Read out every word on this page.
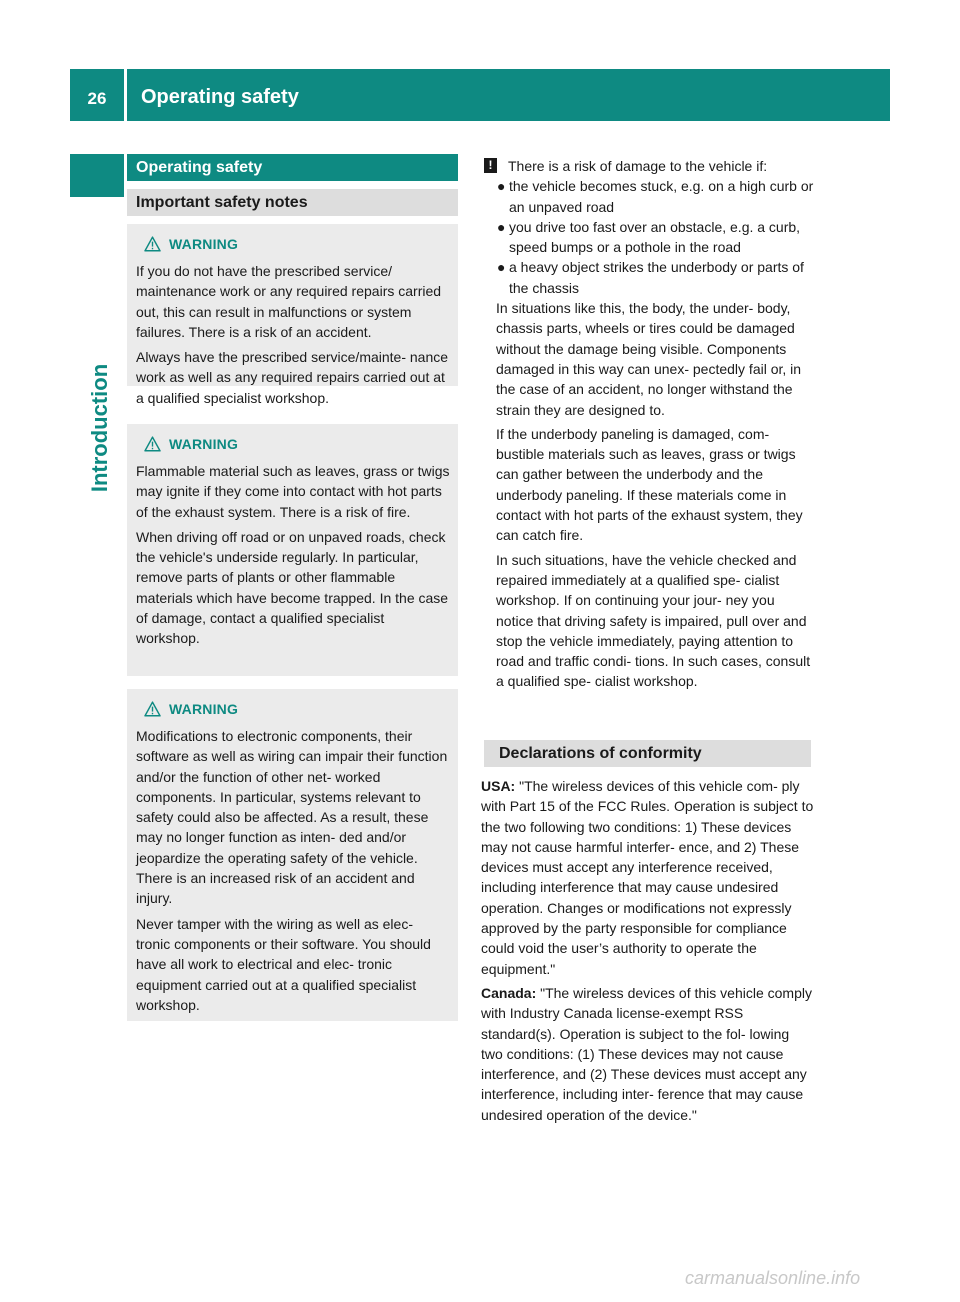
26	Operating safety
Introduction
Operating safety
Important safety notes
WARNING

If you do not have the prescribed service/ maintenance work or any required repairs carried out, this can result in malfunctions or system failures. There is a risk of an accident.

Always have the prescribed service/mainte- nance work as well as any required repairs carried out at a qualified specialist workshop.

WARNING

Flammable material such as leaves, grass or twigs may ignite if they come into contact with hot parts of the exhaust system. There is a risk of fire.

When driving off road or on unpaved roads, check the vehicle's underside regularly. In particular, remove parts of plants or other flammable materials which have become trapped. In the case of damage, contact a qualified specialist workshop.

WARNING

Modifications to electronic components, their software as well as wiring can impair their function and/or the function of other net- worked components. In particular, systems relevant to safety could also be affected. As a result, these may no longer function as inten- ded and/or jeopardize the operating safety of the vehicle. There is an increased risk of an accident and injury.

Never tamper with the wiring as well as elec- tronic components or their software. You should have all work to electrical and elec- tronic equipment carried out at a qualified specialist workshop.

!	There is a risk of damage to the vehicle if:
● the vehicle becomes stuck, e.g. on a high curb or an unpaved road
● you drive too fast over an obstacle, e.g. a curb, speed bumps or a pothole in the road
● a heavy object strikes the underbody or parts of the chassis

In situations like this, the body, the under- body, chassis parts, wheels or tires could be damaged without the damage being visible. Components damaged in this way can unex- pectedly fail or, in the case of an accident, no longer withstand the strain they are designed to.

If the underbody paneling is damaged, com- bustible materials such as leaves, grass or twigs can gather between the underbody and the underbody paneling. If these materials come in contact with hot parts of the exhaust system, they can catch fire.

In such situations, have the vehicle checked and repaired immediately at a qualified spe- cialist workshop. If on continuing your jour- ney you notice that driving safety is impaired, pull over and stop the vehicle immediately, paying attention to road and traffic condi- tions. In such cases, consult a qualified spe- cialist workshop.

Declarations of conformity

USA: "The wireless devices of this vehicle com- ply with Part 15 of the FCC Rules. Operation is subject to the two following two conditions: 1) These devices may not cause harmful interfer- ence, and 2) These devices must accept any interference received, including interference that may cause undesired operation. Changes or modifications not expressly approved by the party responsible for compliance could void the user’s authority to operate the equipment."

Canada: "The wireless devices of this vehicle comply with Industry Canada license-exempt RSS standard(s). Operation is subject to the fol- lowing two conditions: (1) These devices may not cause interference, and (2) These devices must accept any interference, including inter- ference that may cause undesired operation of the device."

carmanualsonline.info
